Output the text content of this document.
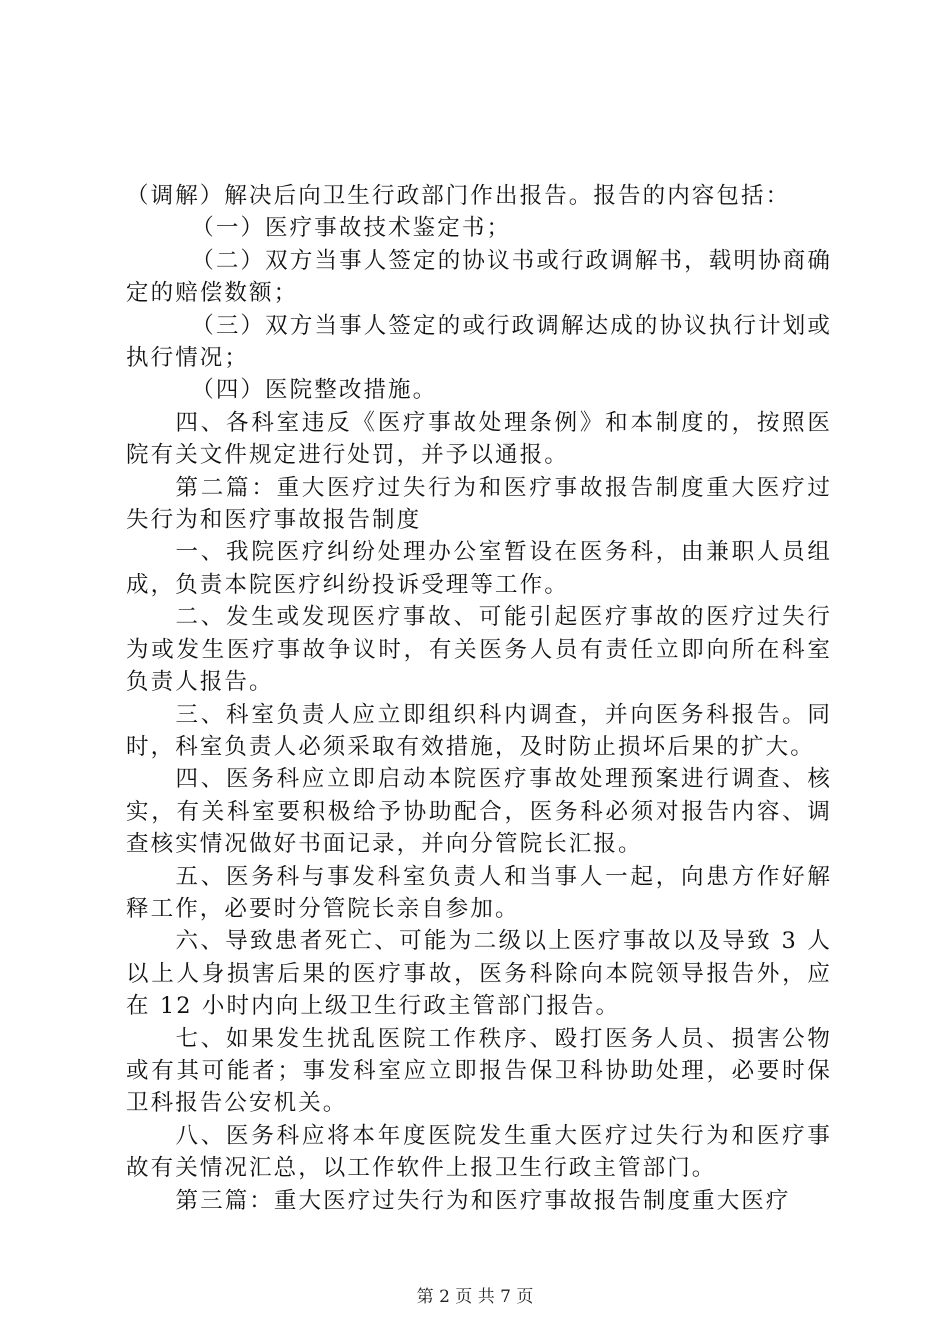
（调解）解决后向卫生行政部门作出报告。报告的内容包括：

（一）医疗事故技术鉴定书；

（二）双方当事人签定的协议书或行政调解书，载明协商确定的赔偿数额；

（三）双方当事人签定的或行政调解达成的协议执行计划或执行情况；

（四）医院整改措施。

四、各科室违反《医疗事故处理条例》和本制度的，按照医院有关文件规定进行处罚，并予以通报。

第二篇：重大医疗过失行为和医疗事故报告制度重大医疗过失行为和医疗事故报告制度

一、我院医疗纠纷处理办公室暂设在医务科，由兼职人员组成，负责本院医疗纠纷投诉受理等工作。

二、发生或发现医疗事故、可能引起医疗事故的医疗过失行为或发生医疗事故争议时，有关医务人员有责任立即向所在科室负责人报告。

三、科室负责人应立即组织科内调查，并向医务科报告。同时，科室负责人必须采取有效措施，及时防止损坏后果的扩大。

四、医务科应立即启动本院医疗事故处理预案进行调查、核实，有关科室要积极给予协助配合，医务科必须对报告内容、调查核实情况做好书面记录，并向分管院长汇报。

五、医务科与事发科室负责人和当事人一起，向患方作好解释工作，必要时分管院长亲自参加。

六、导致患者死亡、可能为二级以上医疗事故以及导致 3 人以上人身损害后果的医疗事故，医务科除向本院领导报告外，应在 12 小时内向上级卫生行政主管部门报告。

七、如果发生扰乱医院工作秩序、殴打医务人员、损害公物或有其可能者；事发科室应立即报告保卫科协助处理，必要时保卫科报告公安机关。

八、医务科应将本年度医院发生重大医疗过失行为和医疗事故有关情况汇总，以工作软件上报卫生行政主管部门。

第三篇：重大医疗过失行为和医疗事故报告制度重大医疗

第 2 页 共 7 页
